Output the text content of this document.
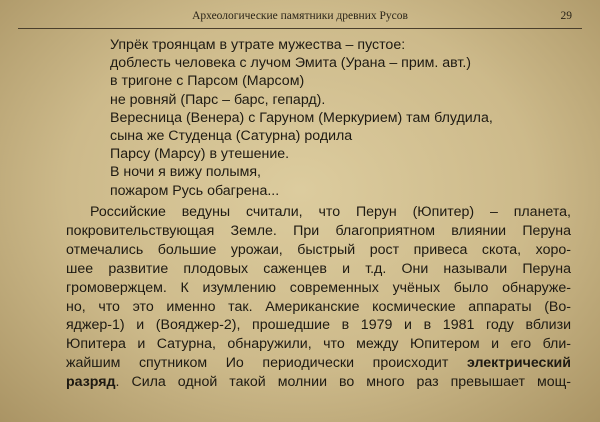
Археологические памятники древних Русов	29
Упрёк троянцам в утрате мужества – пустое:
доблесть человека с лучом Эмита (Урана – прим. авт.)
в тригоне с Парсом (Марсом)
не ровняй (Парс – барс, гепард).
Вересница (Венера) с Гаруном (Меркурием) там блудила,
сына же Студенца (Сатурна) родила
Парсу (Марсу) в утешение.
В ночи я вижу полымя,
пожаром Русь обагрена...
Российские ведуны считали, что Перун (Юпитер) – планета,
покровительствующая Земле. При благоприятном влиянии Перуна
отмечались большие урожаи, быстрый рост привеса скота, хоро-
шее развитие плодовых саженцев и т.д. Они называли Перуна
громовержцем. К изумлению современных учёных было обнаруже-
но, что это именно так. Американские космические аппараты (Во-
яджер-1) и (Вояджер-2), прошедшие в 1979 и в 1981 году вблизи
Юпитера и Сатурна, обнаружили, что между Юпитером и его бли-
жайшим спутником Ио периодически происходит электрический
разряд. Сила одной такой молнии во много раз превышает мощ-
